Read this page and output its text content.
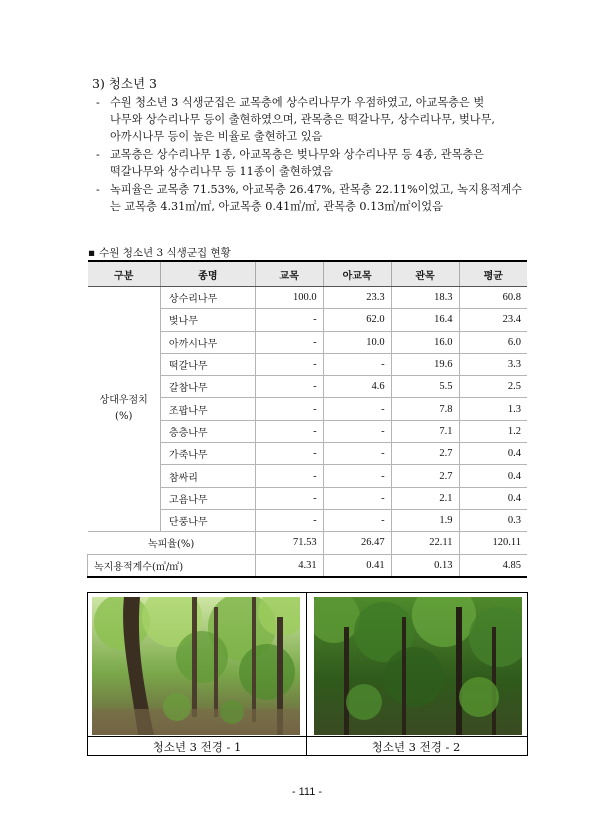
3) 청소년 3
- 수원 청소년 3 식생군집은 교목층에 상수리나무가 우점하였고, 아교목층은 벚
나무와 상수리나무 등이 출현하였으며, 관목층은 떡갈나무, 상수리나무, 벚나무,
아까시나무 등이 높은 비율로 출현하고 있음
- 교목층은 상수리나무 1종, 아교목층은 벚나무와 상수리나무 등 4종, 관목층은
떡갈나무와 상수리나무 등 11종이 출현하였음
- 녹피율은 교목층 71.53%, 아교목층 26.47%, 관목층 22.11%이었고, 녹지용적계수
는 교목층 4.31㎥/㎡, 아교목층 0.41㎥/㎡, 관목층 0.13㎥/㎡이었음
▪ 수원 청소년 3 식생군집 현황
구분	종명	교목	아교목	관목	평균

상대우점치
(%)	상수리나무	100.0	23.3	18.3	60.8
	벚나무	-	62.0	16.4	23.4
	아까시나무	-	10.0	16.0	6.0
	떡갈나무	-	-	19.6	3.3
	갈참나무	-	4.6	5.5	2.5
	조팝나무	-	-	7.8	1.3
	층층나무	-	-	7.1	1.2
	가죽나무	-	-	2.7	0.4
	참싸리	-	-	2.7	0.4
	고욤나무	-	-	2.1	0.4
	단풍나무	-	-	1.9	0.3
녹피율(%)		71.53	26.47	22.11	120.11
녹지용적계수(㎥/㎡)		4.31	0.41	0.13	4.85
청소년 3 전경 - 1	청소년 3 전경 - 2
- 111 -
